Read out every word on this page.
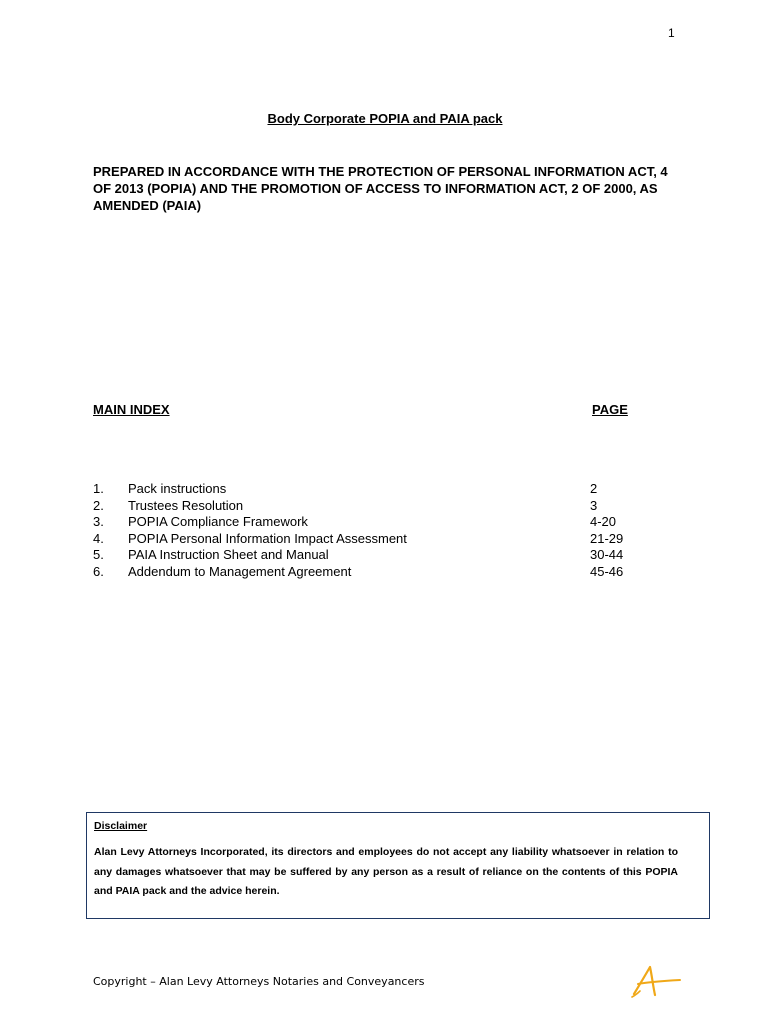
1
Body Corporate POPIA and PAIA pack
PREPARED IN ACCORDANCE WITH THE PROTECTION OF PERSONAL INFORMATION ACT, 4 OF 2013 (POPIA) AND THE PROMOTION OF ACCESS TO INFORMATION ACT, 2 OF 2000, AS AMENDED (PAIA)
MAIN INDEX	PAGE
1. Pack instructions	2
2. Trustees Resolution	3
3. POPIA Compliance Framework	4-20
4. POPIA Personal Information Impact Assessment	21-29
5. PAIA Instruction Sheet and Manual	30-44
6. Addendum to Management Agreement	45-46
Disclaimer
Alan Levy Attorneys Incorporated, its directors and employees do not accept any liability whatsoever in relation to any damages whatsoever that may be suffered by any person as a result of reliance on the contents of this POPIA and PAIA pack and the advice herein.
Copyright – Alan Levy Attorneys Notaries and Conveyancers
